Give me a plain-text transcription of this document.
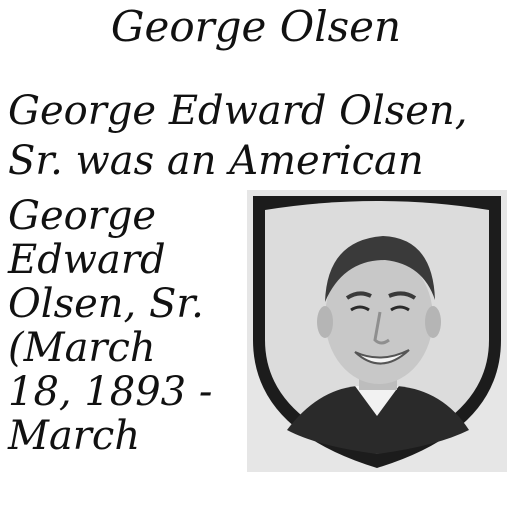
George Olsen
George Edward Olsen,
Sr. was an American
George
Edward
Olsen, Sr.
(March
18, 1893 -
March
